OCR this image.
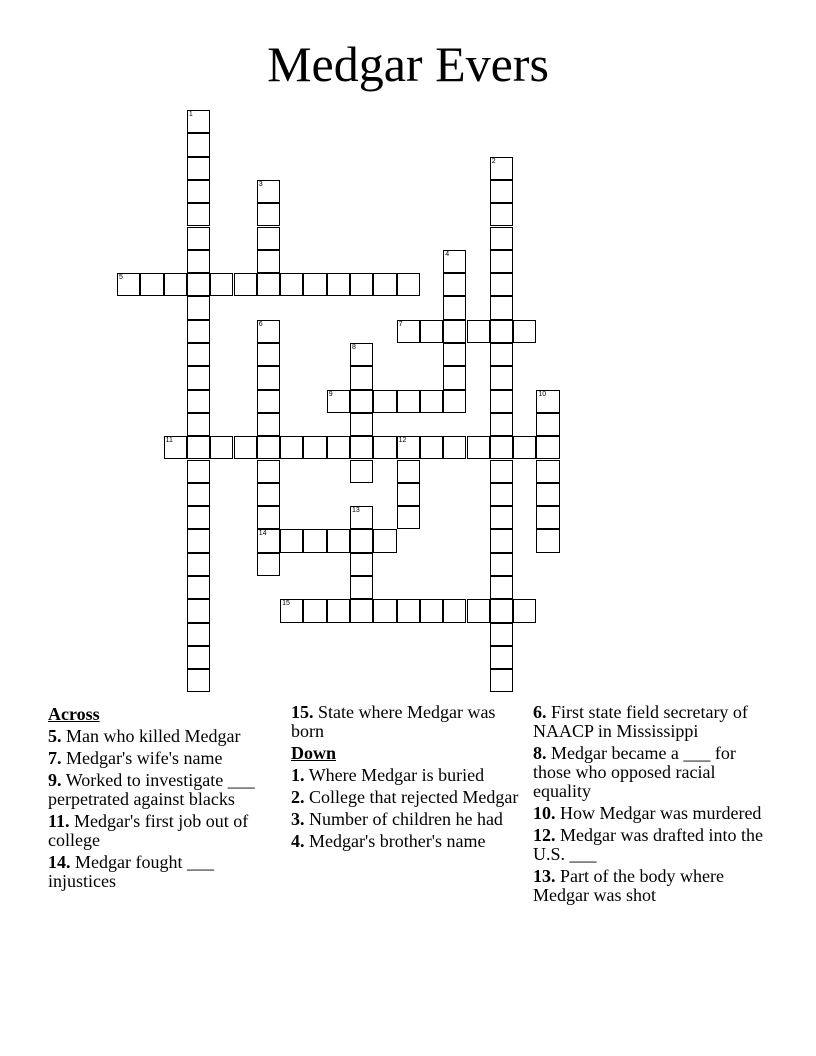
Medgar Evers
1
2
3
4
5
6
14
7
8
9	10
11	12
13
15
Across
5. Man who killed Medgar
7. Medgar's wife's name
9. Worked to investigate ___ perpetrated against blacks
11. Medgar's first job out of college
14. Medgar fought ___ injustices
15. State where Medgar was born
Down
1. Where Medgar is buried
2. College that rejected Medgar
3. Number of children he had
4. Medgar's brother's name
6. First state field secretary of NAACP in Mississippi
8. Medgar became a ___ for those who opposed racial equality
10. How Medgar was murdered
12. Medgar was drafted into the U.S. ___
13. Part of the body where Medgar was shot
